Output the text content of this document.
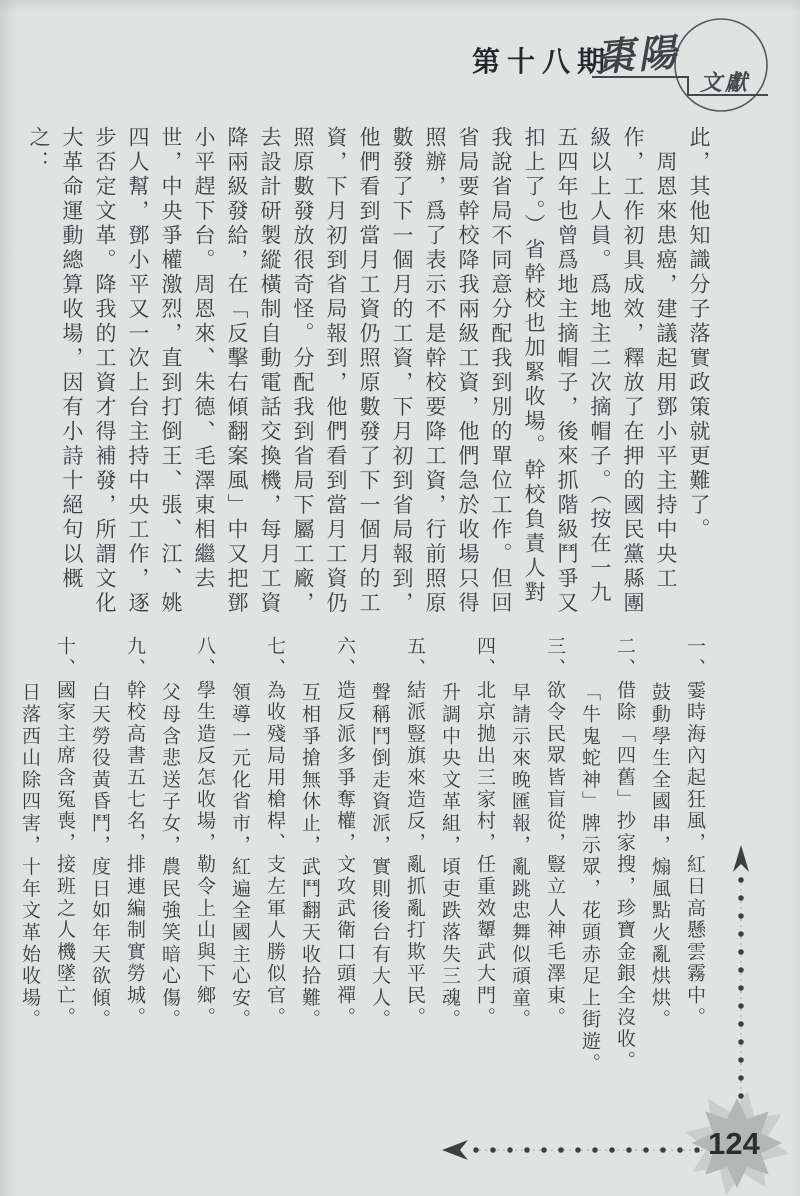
第十八期
棗陽
文獻
此，其他知識分子落實政策就更難了。
　周恩來患癌，建議起用鄧小平主持中央工
作，工作初具成效，釋放了在押的國民黨縣團
級以上人員。爲地主二次摘帽子。（按在一九
五四年也曾爲地主摘帽子，後來抓階級鬥爭又
扣上了。）省幹校也加緊收場。幹校負責人對
我說省局不同意分配我到別的單位工作。但回
省局要幹校降我兩級工資，他們急於收場只得
照辦，爲了表示不是幹校要降工資，行前照原
數發了下一個月的工資，下月初到省局報到，
他們看到當月工資仍照原數發了下一個月的工
資，下月初到省局報到，他們看到當月工資仍
照原數發放很奇怪。分配我到省局下屬工廠，
去設計研製縱橫制自動電話交換機，每月工資
降兩級發給，在「反擊右傾翻案風」中又把鄧
小平趕下台。周恩來、朱德、毛澤東相繼去
世，中央爭權激烈，直到打倒王、張、江、姚
四人幫，鄧小平又一次上台主持中央工作，逐
步否定文革。降我的工資才得補發，所謂文化
大革命運動總算收場，因有小詩十絕句以概
之：
一、霎時海內起狂風，紅日高懸雲霧中。
鼓動學生全國串，煽風點火亂烘烘。
二、借除「四舊」抄家搜，珍寶金銀全沒收。
「牛鬼蛇神」牌示眾，花頭赤足上街遊。
三、欲令民眾皆盲從，豎立人神毛澤東。
早請示來晚匯報，亂跳忠舞似頑童。
四、北京拋出三家村，任重效顰武大門。
升調中央文革組，頃吏跌落失三魂。
五、結派豎旗來造反，亂抓亂打欺平民。
聲稱鬥倒走資派，實則後台有大人。
六、造反派多爭奪權，文攻武衛口頭禪。
互相爭搶無休止，武鬥翻天收拾難。
七、為收殘局用槍桿、支左軍人勝似官。
領導一元化省市，紅遍全國主心安。
八、學生造反怎收場，勒令上山與下鄉。
父母含悲送子女，農民強笑暗心傷。
九、幹校高書五七名，排連編制實勞城。
白天勞役黃昏鬥，度日如年天欲傾。
十、國家主席含冤喪，接班之人機墜亡。
日落西山除四害，十年文革始收場。
124
